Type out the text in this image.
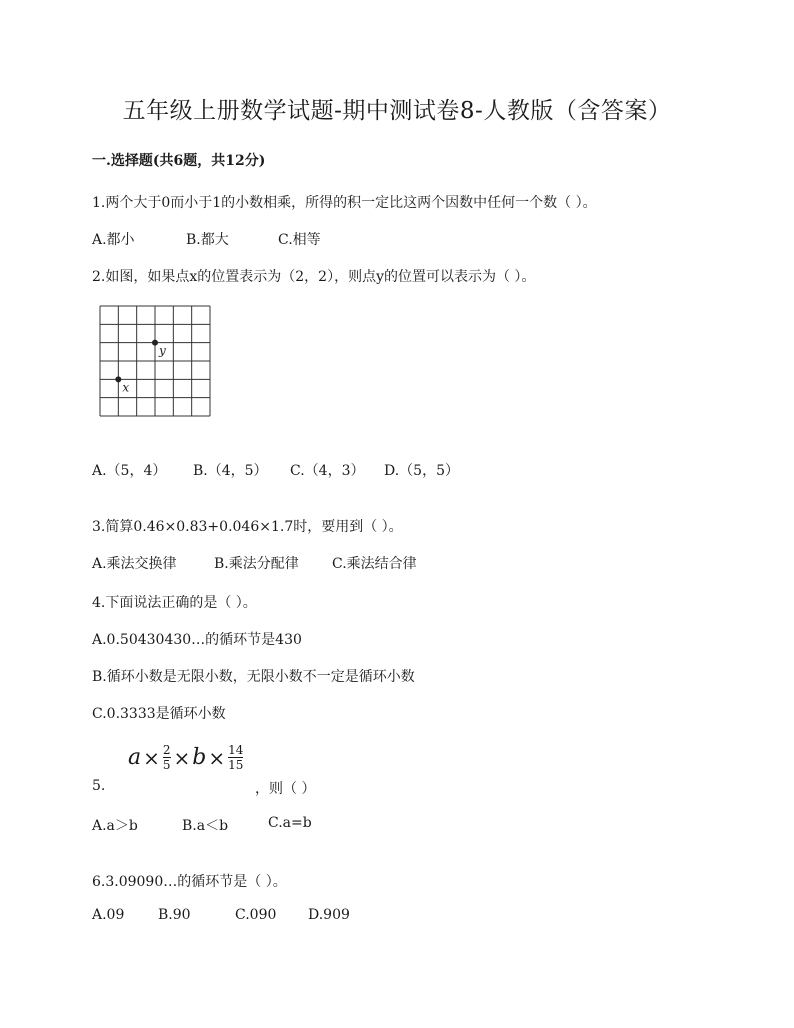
五年级上册数学试题-期中测试卷8-人教版（含答案）
一.选择题(共6题，共12分)
1.两个大于0而小于1的小数相乘，所得的积一定比这两个因数中任何一个数（ ）。
A.都小	B.都大	C.相等
2.如图，如果点x的位置表示为（2，2），则点y的位置可以表示为（ ）。
x
y
A.（5，4） B.（4，5） C.（4，3） D.（5，5）
3.简算0.46×0.83+0.046×1.7时，要用到（ ）。
A.乘法交换律	B.乘法分配律 C.乘法结合律
4.下面说法正确的是（ ）。
A.0.50430430…的循环节是430
B.循环小数是无限小数，无限小数不一定是循环小数
C.0.3333是循环小数
$a \times \frac{2}{5} \times b \times \frac{14}{15}$
5.	，则（ ）
A.a＞b	B.a＜b	C.a=b
6.3.09090…的循环节是（ ）。
A.09 B.90	C.090 D.909
